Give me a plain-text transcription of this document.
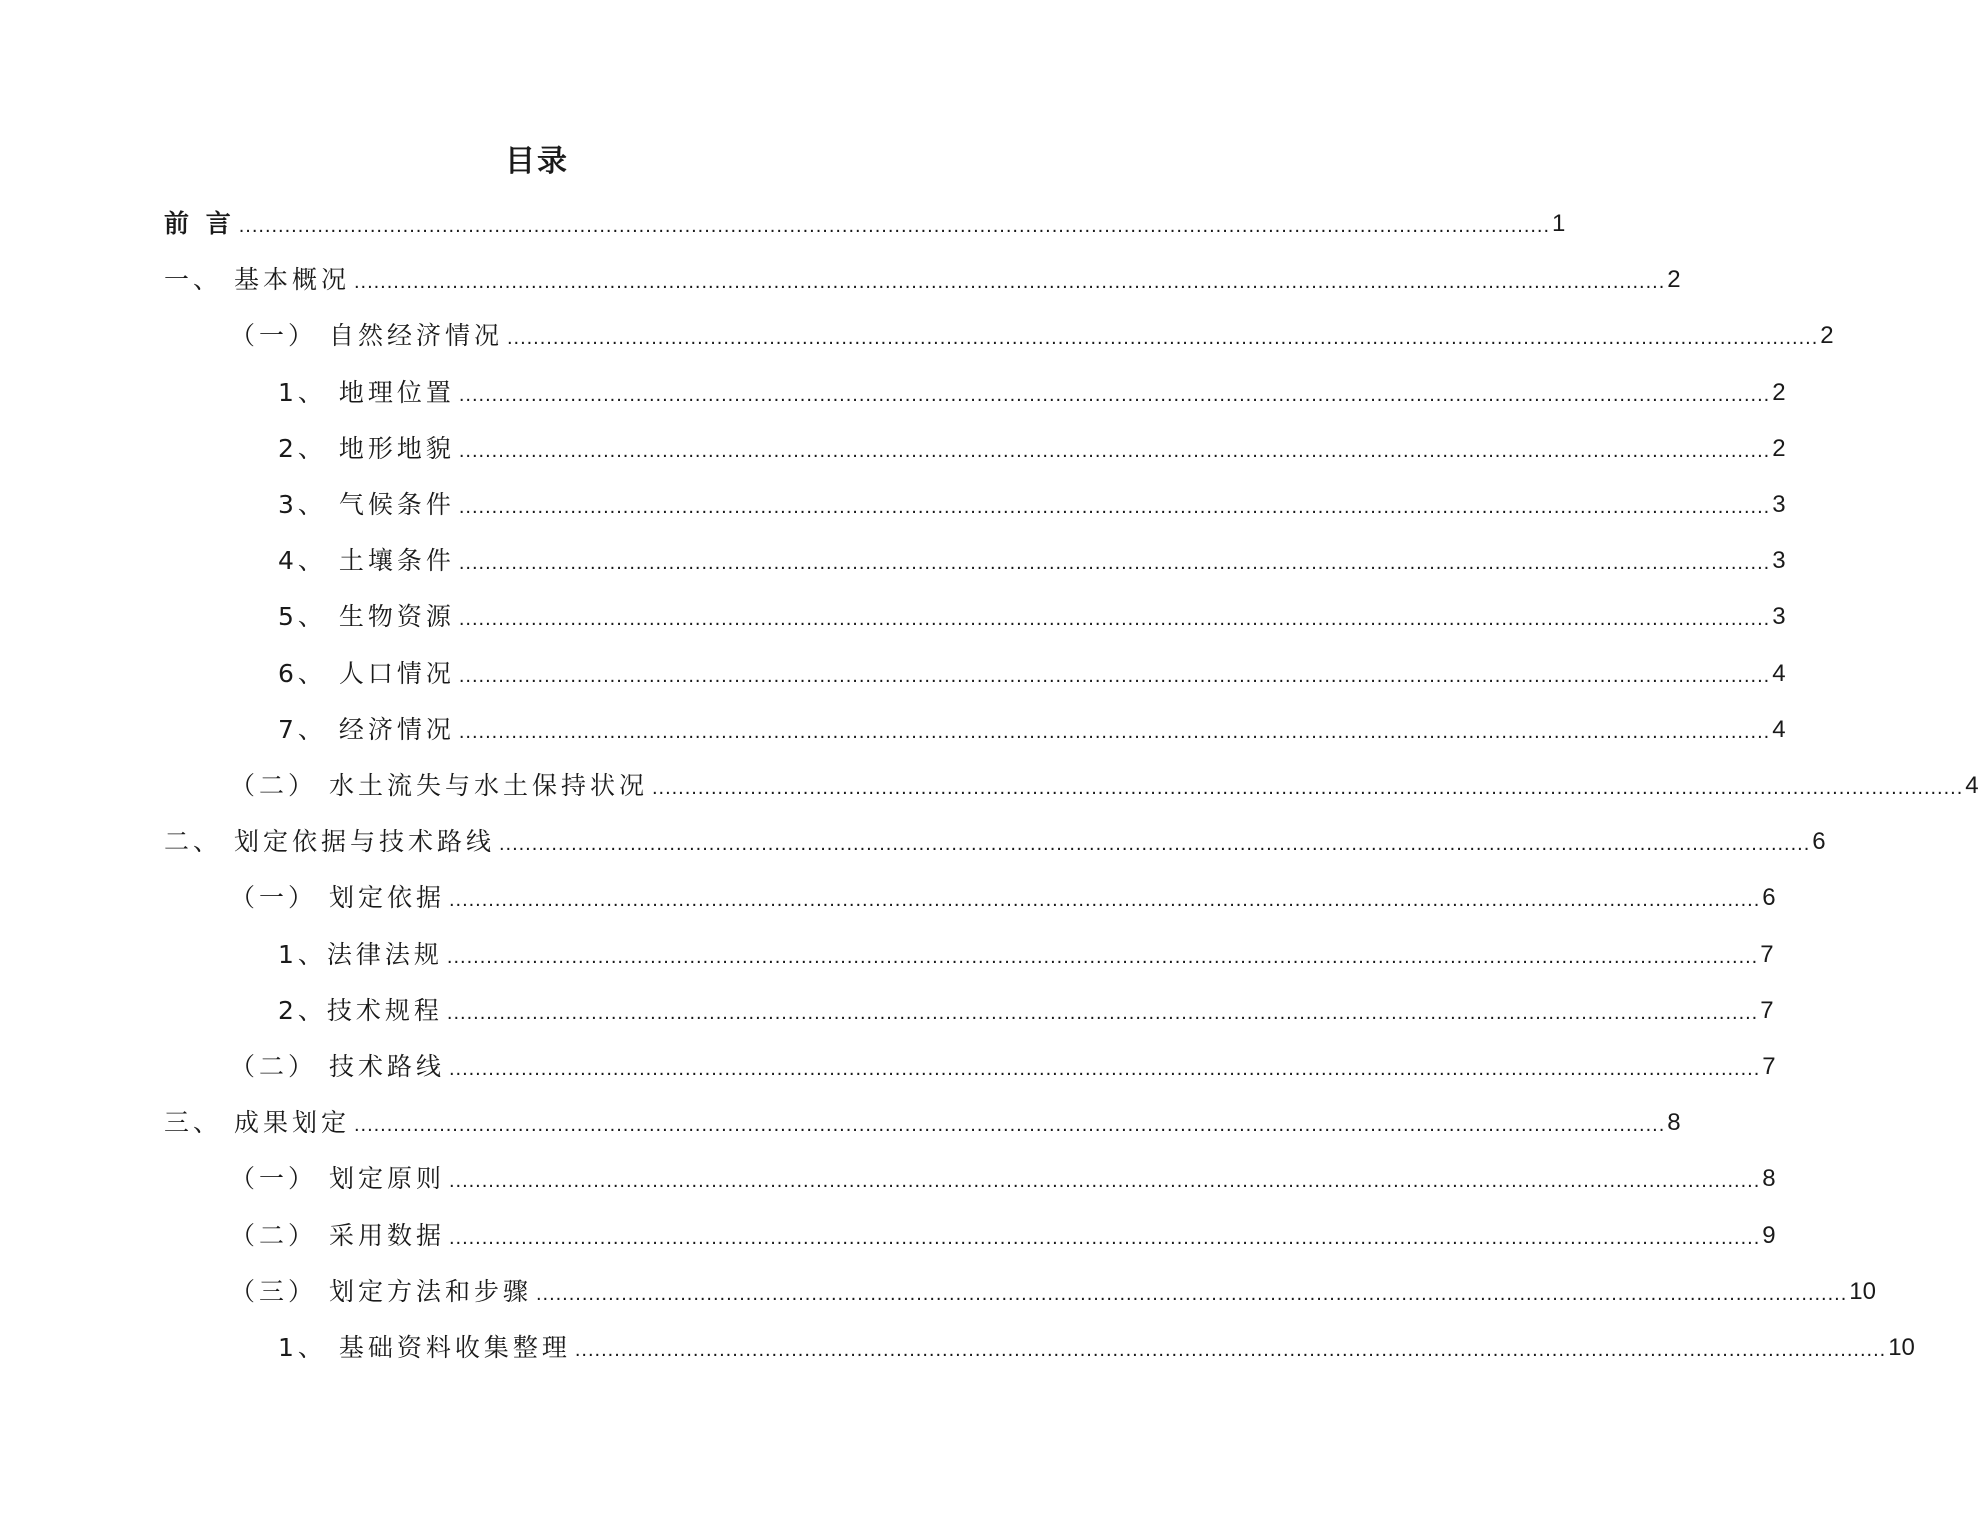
目录
前 言 ........................................................................................................................................................................................................ 1
一、 基本概况 ........................................................................................................................................................................................................ 2
（一） 自然经济情况 ........................................................................................................................................................................................................ 2
1、 地理位置 ........................................................................................................................................................................................................ 2
2、 地形地貌 ........................................................................................................................................................................................................ 2
3、 气候条件 ........................................................................................................................................................................................................ 3
4、 土壤条件 ........................................................................................................................................................................................................ 3
5、 生物资源 ........................................................................................................................................................................................................ 3
6、 人口情况 ........................................................................................................................................................................................................ 4
7、 经济情况 ........................................................................................................................................................................................................ 4
（二） 水土流失与水土保持状况 ........................................................................................................................................................................................................ 4
二、 划定依据与技术路线 ........................................................................................................................................................................................................ 6
（一） 划定依据 ........................................................................................................................................................................................................ 6
1、法律法规 ........................................................................................................................................................................................................ 7
2、技术规程 ........................................................................................................................................................................................................ 7
（二） 技术路线 ........................................................................................................................................................................................................ 7
三、 成果划定 ........................................................................................................................................................................................................ 8
（一） 划定原则 ........................................................................................................................................................................................................ 8
（二） 采用数据 ........................................................................................................................................................................................................ 9
（三） 划定方法和步骤 ........................................................................................................................................................................................................ 10
1、 基础资料收集整理 ........................................................................................................................................................................................................ 10
